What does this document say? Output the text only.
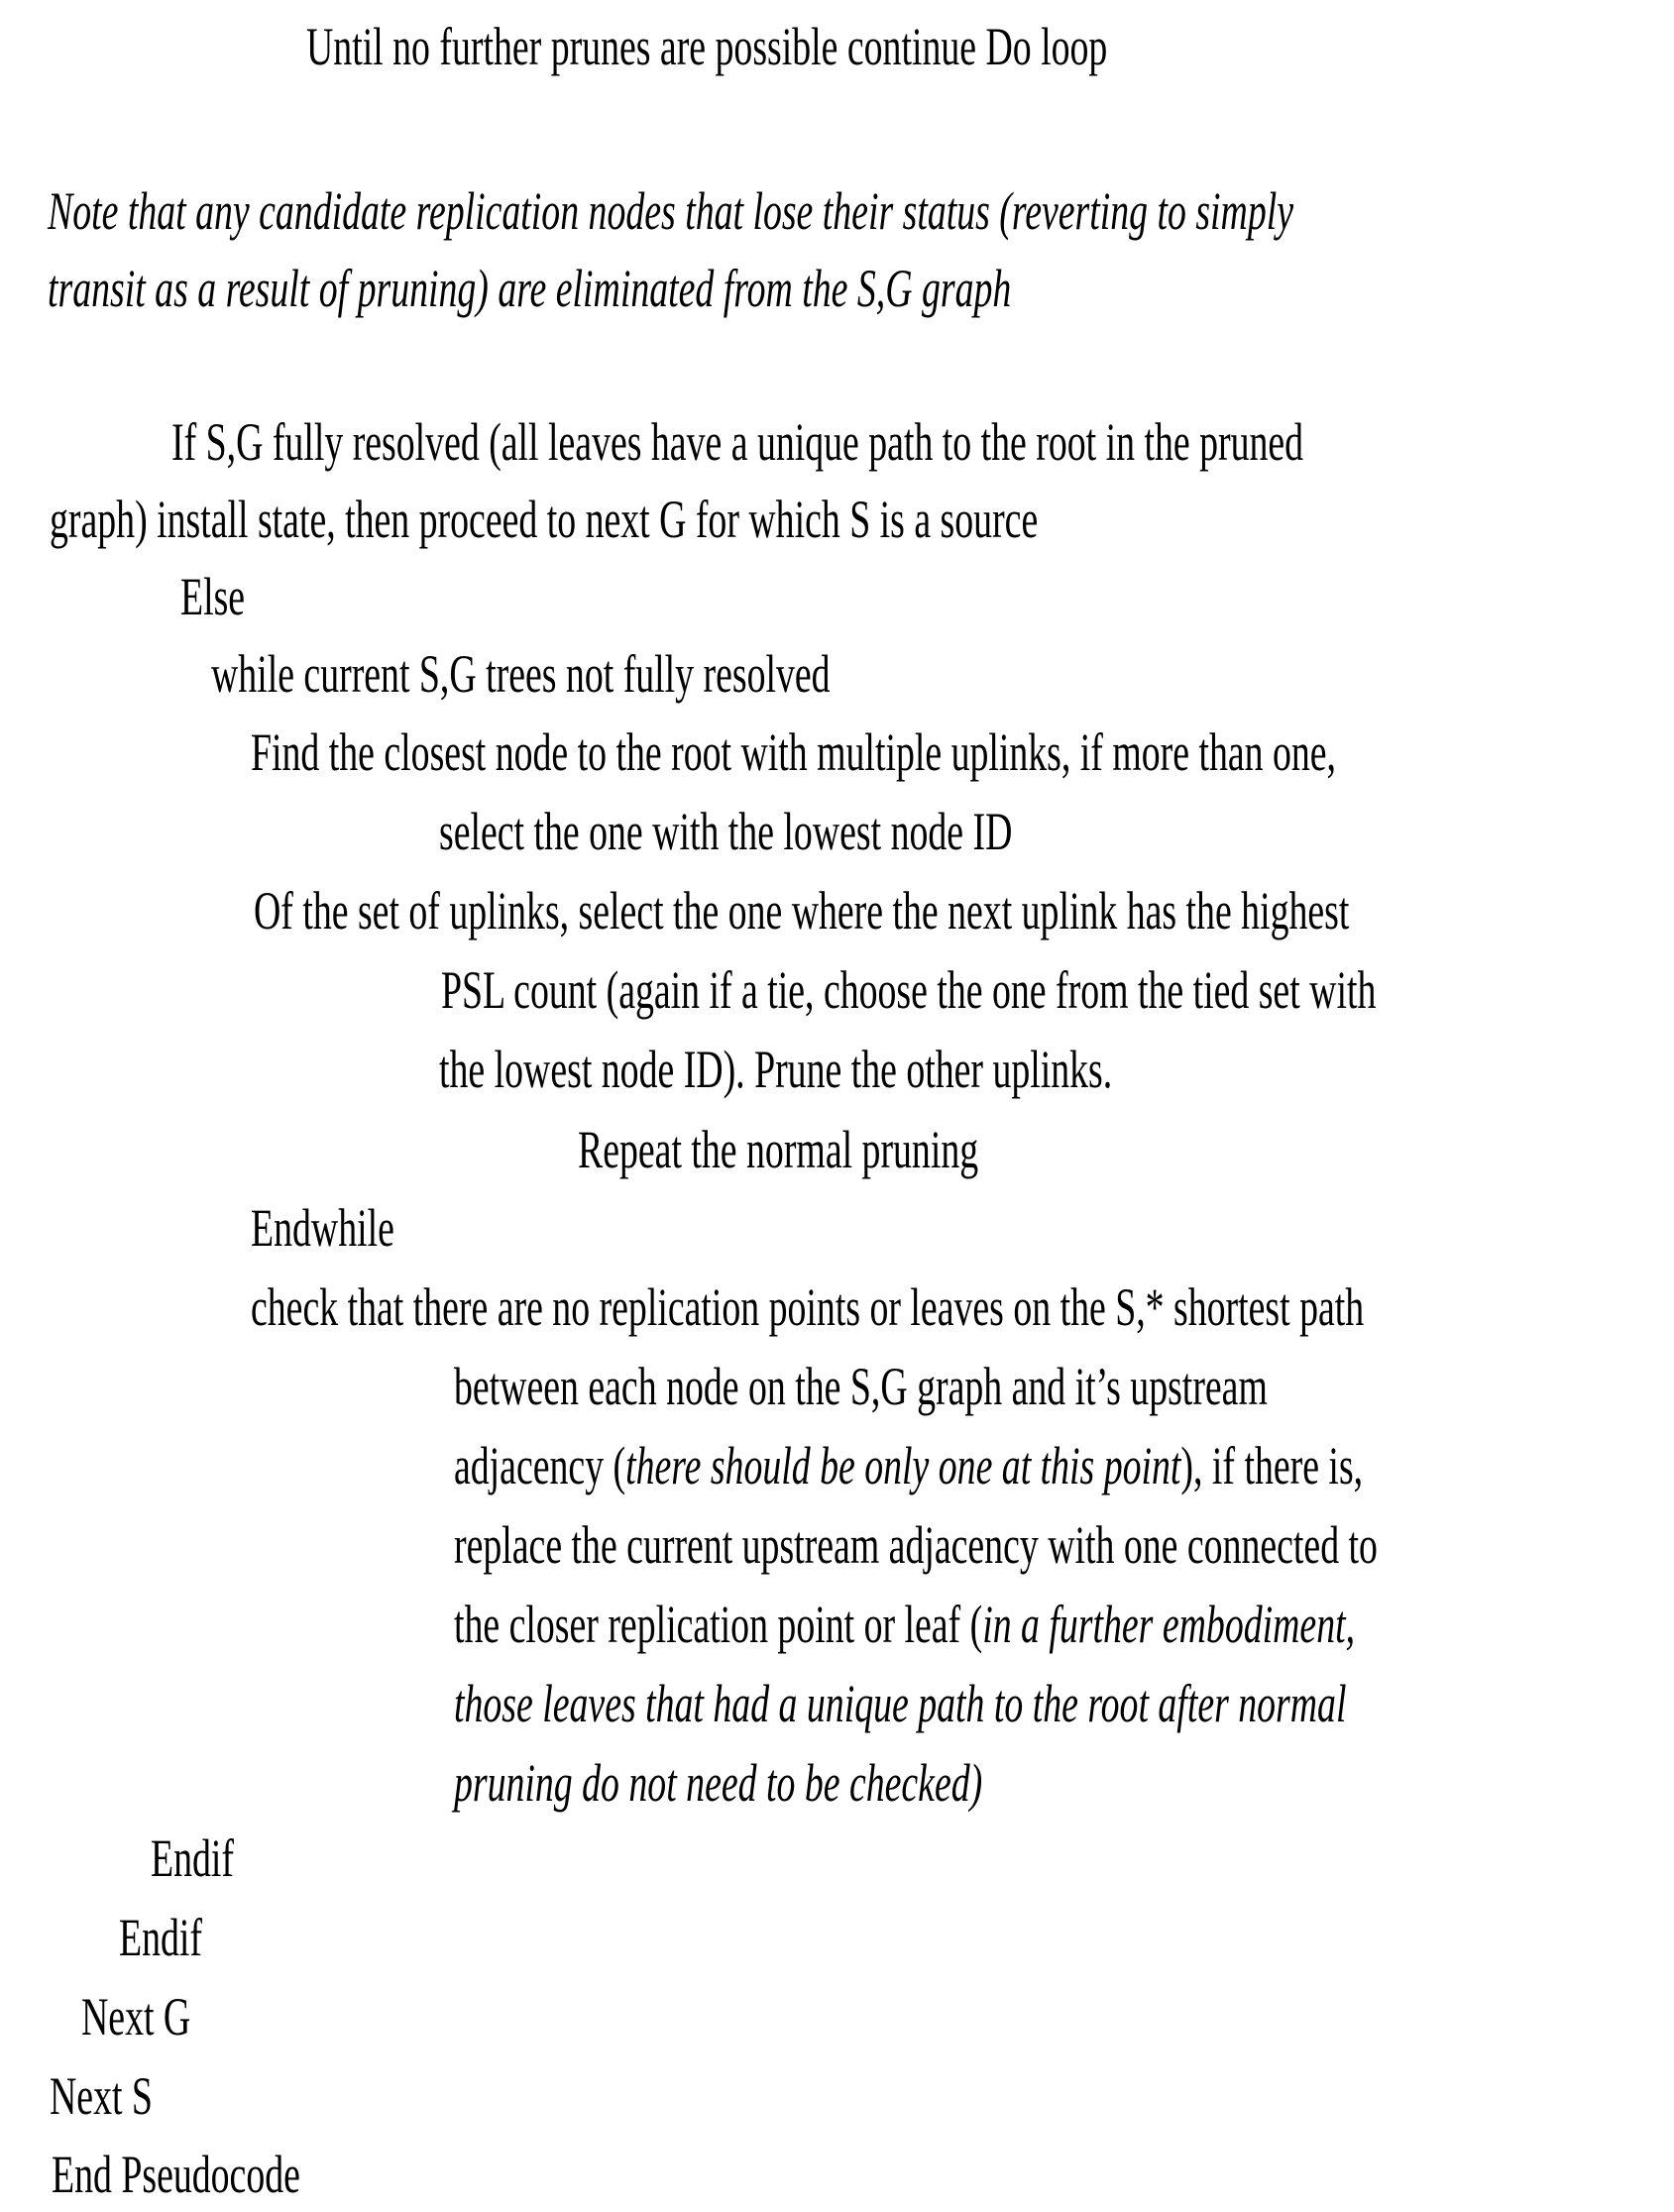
Until no further prunes are possible continue Do loop
Note that any candidate replication nodes that lose their status (reverting to simply
transit as a result of pruning) are eliminated from the S,G graph
If S,G fully resolved (all leaves have a unique path to the root in the pruned
graph) install state, then proceed to next G for which S is a source
Else
while current S,G trees not fully resolved
Find the closest node to the root with multiple uplinks, if more than one,
select the one with the lowest node ID
Of the set of uplinks, select the one where the next uplink has the highest
PSL count (again if a tie, choose the one from the tied set with
the lowest node ID). Prune the other uplinks.
Repeat the normal pruning
Endwhile
check that there are no replication points or leaves on the S,* shortest path
between each node on the S,G graph and it’s upstream
adjacency (there should be only one at this point), if there is,
replace the current upstream adjacency with one connected to
the closer replication point or leaf (in a further embodiment,
those leaves that had a unique path to the root after normal
pruning do not need to be checked)
Endif
Endif
Next G
Next S
End Pseudocode
